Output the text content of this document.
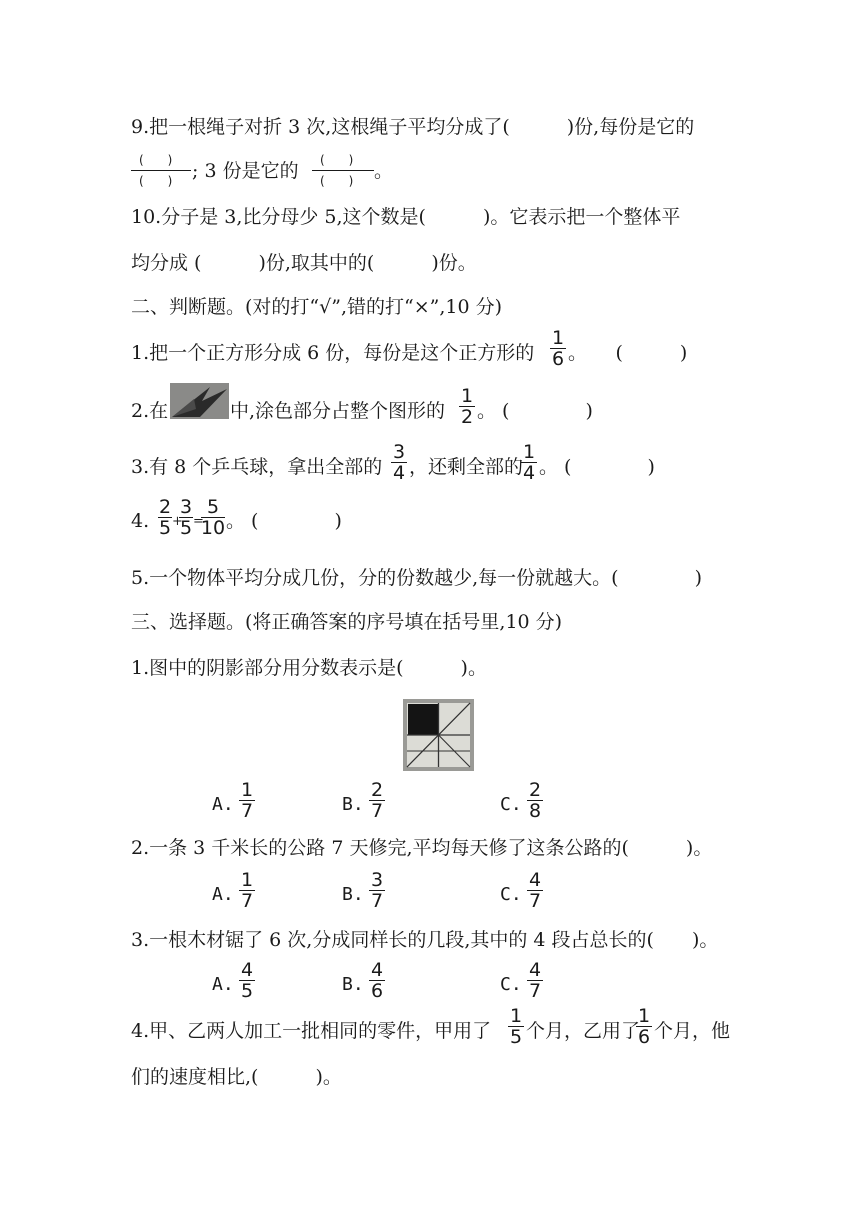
9.把一根绳子对折 3 次,这根绳子平均分成了(　　　)份,每份是它的
(　　)
(　　) ; 3 份是它的 (　　)
(　　) 。
10.分子是 3,比分母少 5,这个数是(　　　)。它表示把一个整体平
均分成 (　　　)份,取其中的(　　　)份。
二、判断题。(对的打“√”,错的打“×”,10 分)
1.把一个正方形分成 6 份，每份是这个正方形的
1
6 。　　(　　　)
2.在	中,涂色部分占整个图形的
1
2 。 (　　　　)
3.有 8 个乒乓球，拿出全部的
3
4 ，还剩全部的
1
4 。 (　　　　)
4.
2
5 +
3
5 =
5
10 。 (　　　　)
5.一个物体平均分成几份，分的份数越少,每一份就越大。(　　　　)
三、选择题。(将正确答案的序号填在括号里,10 分)
1.图中的阴影部分用分数表示是(　　　)。
A.
1
7	B.
2
7	C.
2
8
2.一条 3 千米长的公路 7 天修完,平均每天修了这条公路的(　　　)。
A.
1
7	B.
3
7	C.
4
7
3.一根木材锯了 6 次,分成同样长的几段,其中的 4 段占总长的(　　)。
A.
4
5	B.
4
6	C.
4
7
4.甲、乙两人加工一批相同的零件，甲用了
1
5 个月，乙用了
1
6 个月，他
们的速度相比,(　　　)。
